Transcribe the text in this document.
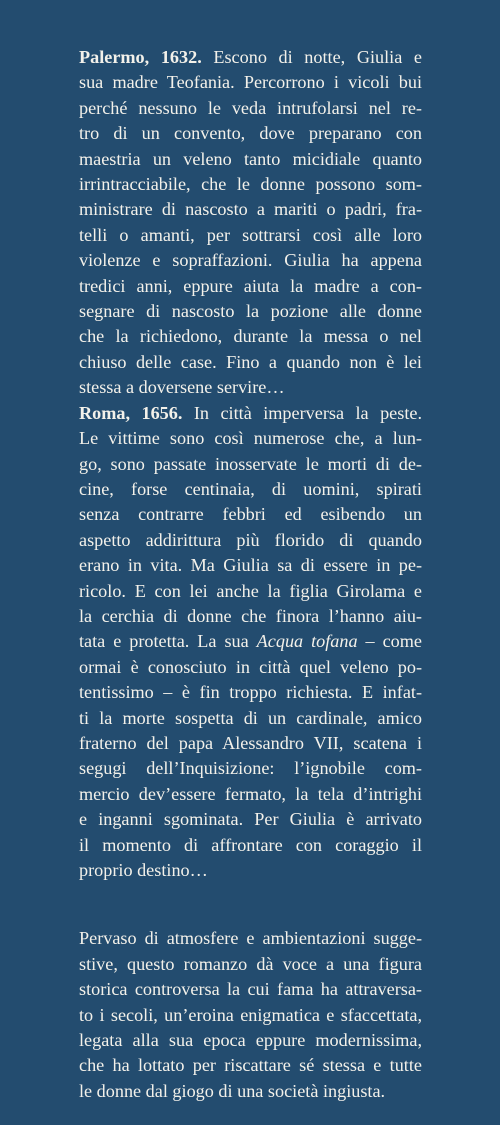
Palermo, 1632. Escono di notte, Giulia e
sua madre Teofania. Percorrono i vicoli bui
perché nessuno le veda intrufolarsi nel re-
tro di un convento, dove preparano con
maestria un veleno tanto micidiale quanto
irrintracciabile, che le donne possono som-
ministrare di nascosto a mariti o padri, fra-
telli o amanti, per sottrarsi così alle loro
violenze e sopraffazioni. Giulia ha appena
tredici anni, eppure aiuta la madre a con-
segnare di nascosto la pozione alle donne
che la richiedono, durante la messa o nel
chiuso delle case. Fino a quando non è lei
stessa a doversene servire…
Roma, 1656. In città imperversa la peste.
Le vittime sono così numerose che, a lun-
go, sono passate inosservate le morti di de-
cine, forse centinaia, di uomini, spirati
senza contrarre febbri ed esibendo un
aspetto addirittura più florido di quando
erano in vita. Ma Giulia sa di essere in pe-
ricolo. E con lei anche la figlia Girolama e
la cerchia di donne che finora l’hanno aiu-
tata e protetta. La sua Acqua tofana – come
ormai è conosciuto in città quel veleno po-
tentissimo – è fin troppo richiesta. E infat-
ti la morte sospetta di un cardinale, amico
fraterno del papa Alessandro VII, scatena i
segugi dell’Inquisizione: l’ignobile com-
mercio dev’essere fermato, la tela d’intrighi
e inganni sgominata. Per Giulia è arrivato
il momento di affrontare con coraggio il
proprio destino…
Pervaso di atmosfere e ambientazioni sugge-
stive, questo romanzo dà voce a una figura
storica controversa la cui fama ha attraversa-
to i secoli, un’eroina enigmatica e sfaccettata,
legata alla sua epoca eppure modernissima,
che ha lottato per riscattare sé stessa e tutte
le donne dal giogo di una società ingiusta.
